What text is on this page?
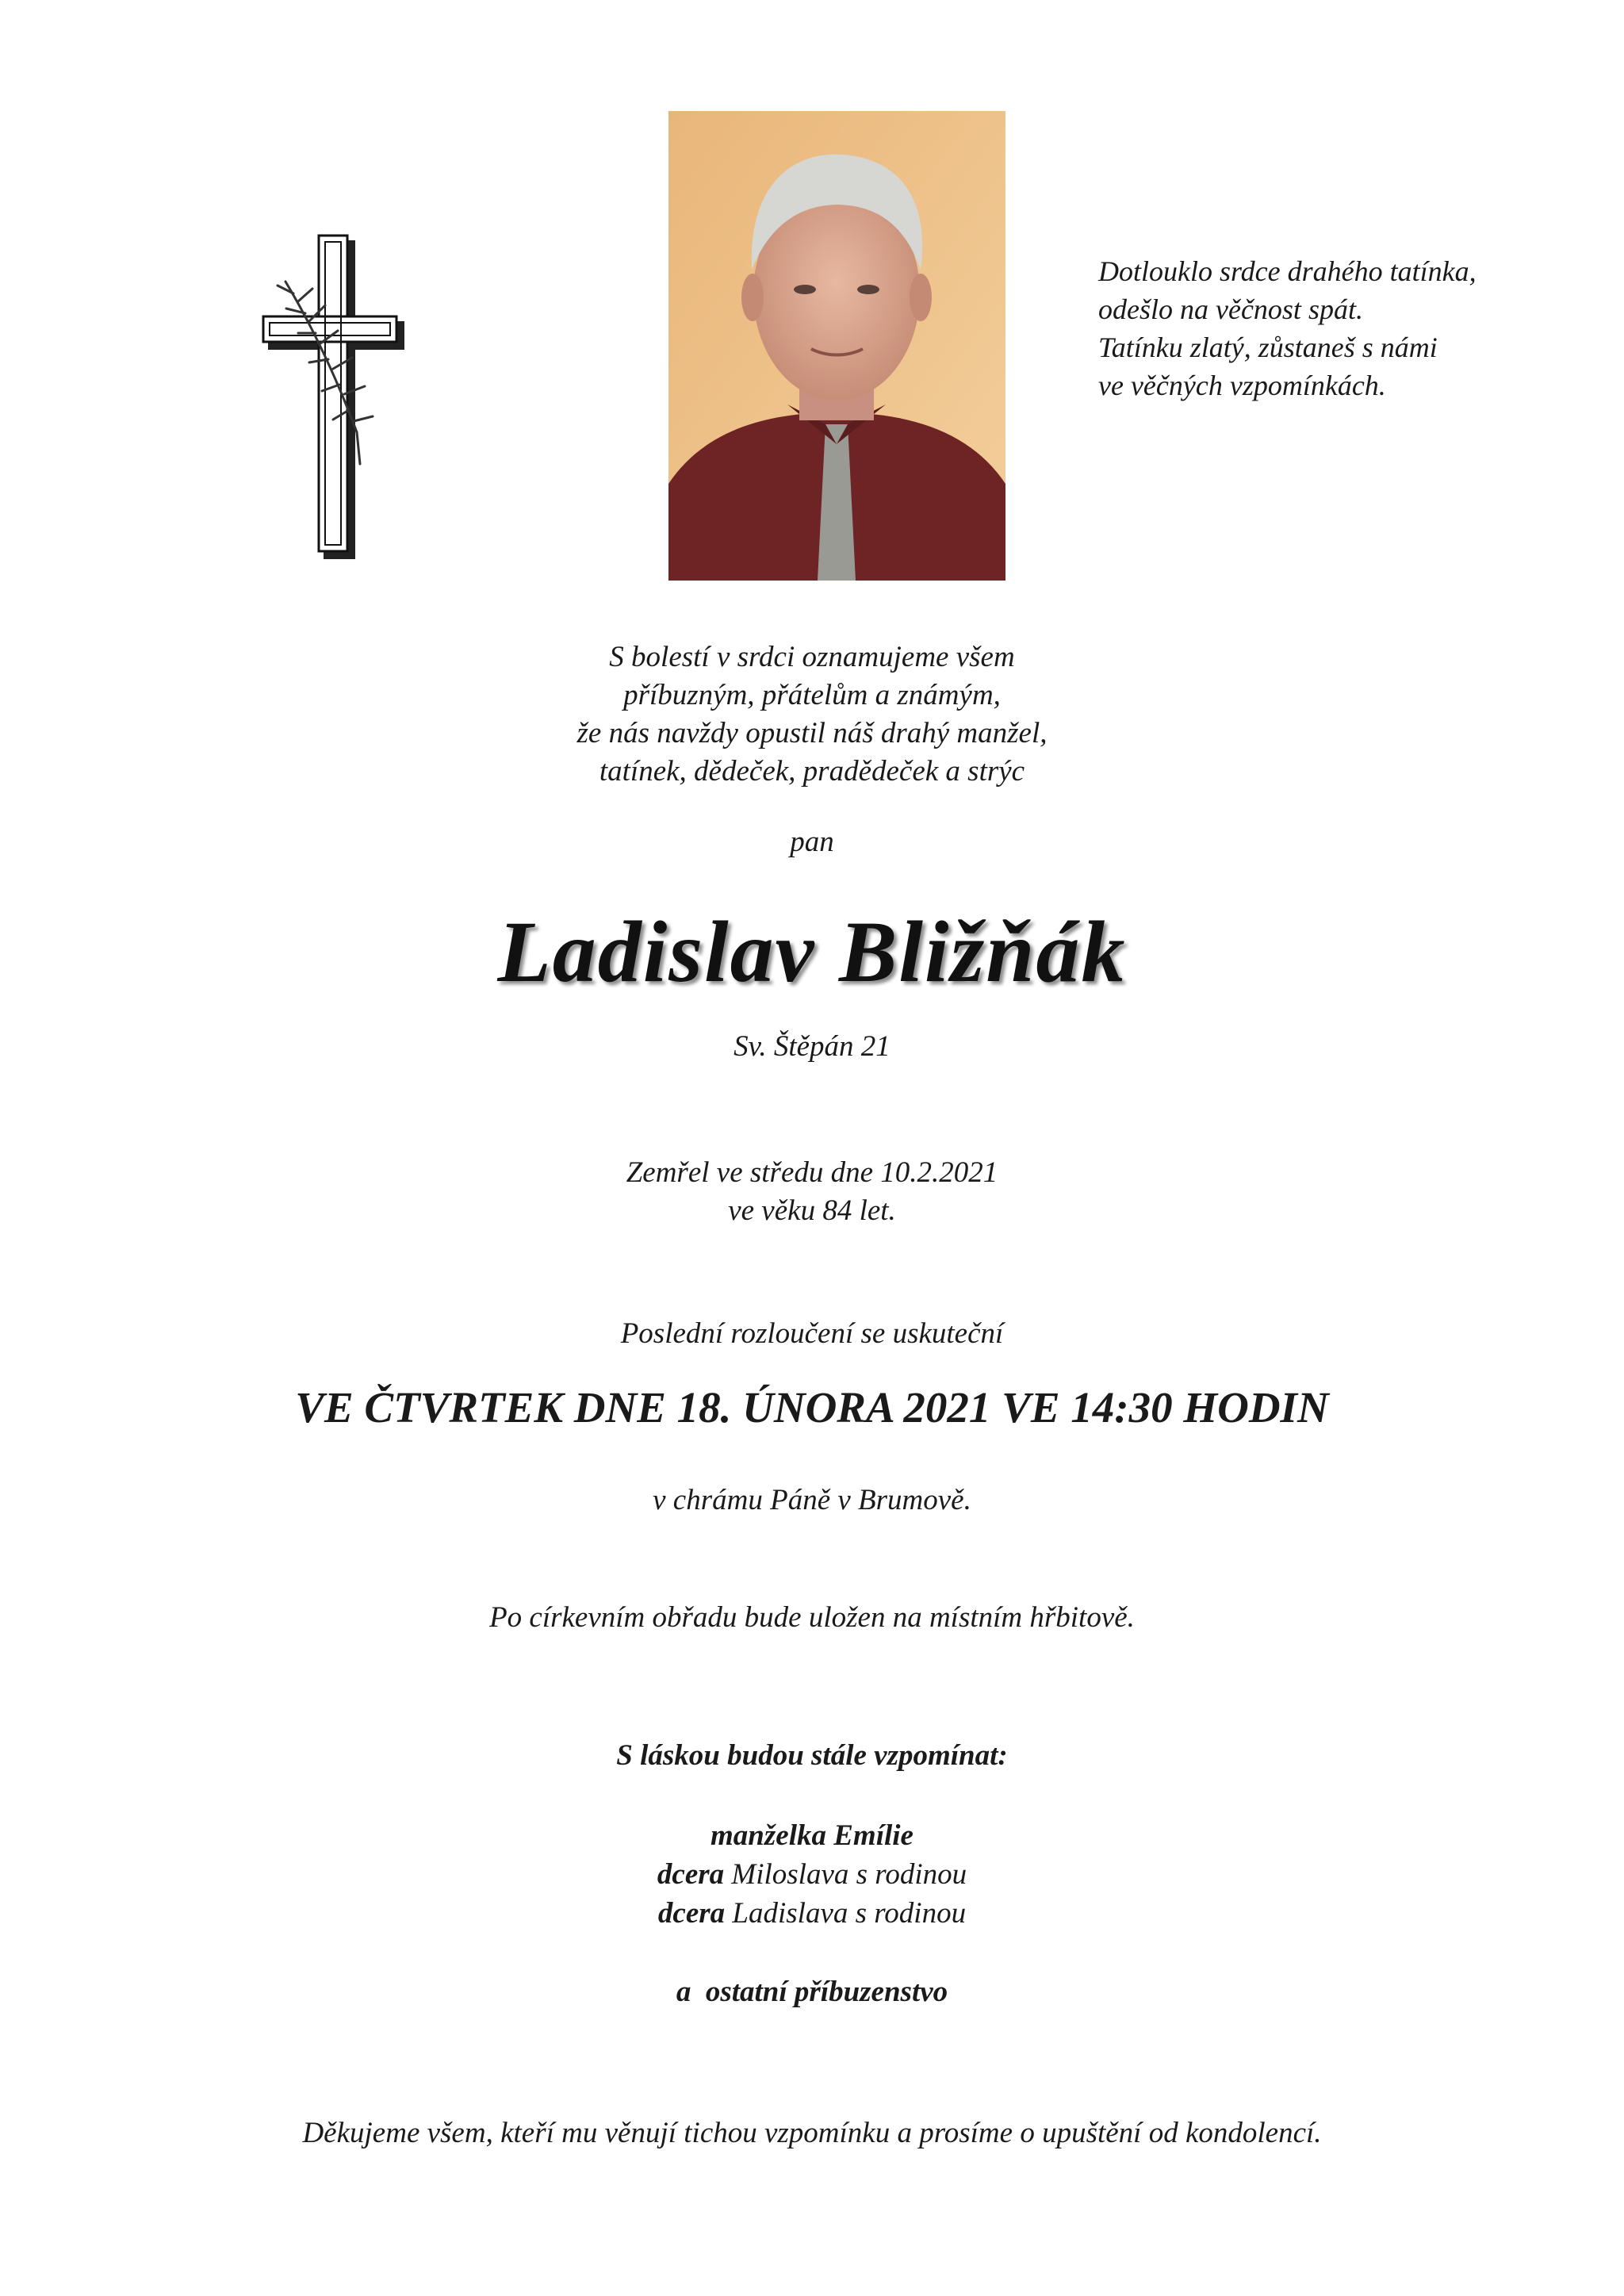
Dotlouklo srdce drahého tatínka,
odešlo na věčnost spát.
Tatínku zlatý, zůstaneš s námi
ve věčných vzpomínkách.
S bolestí v srdci oznamujeme všem
příbuzným, přátelům a známým,
že nás navždy opustil náš drahý manžel,
tatínek, dědeček, pradědeček a strýc
pan
Ladislav Bližňák
Sv. Štěpán 21
Zemřel ve středu dne 10.2.2021
ve věku 84 let.
Poslední rozloučení se uskuteční
VE ČTVRTEK DNE 18. ÚNORA 2021 VE 14:30 HODIN
v chrámu Páně v Brumově.
Po církevním obřadu bude uložen na místním hřbitově.
S láskou budou stále vzpomínat:
manželka Emílie
dcera Miloslava s rodinou
dcera Ladislava s rodinou
a  ostatní příbuzenstvo
Děkujeme všem, kteří mu věnují tichou vzpomínku a prosíme o upuštění od kondolencí.
